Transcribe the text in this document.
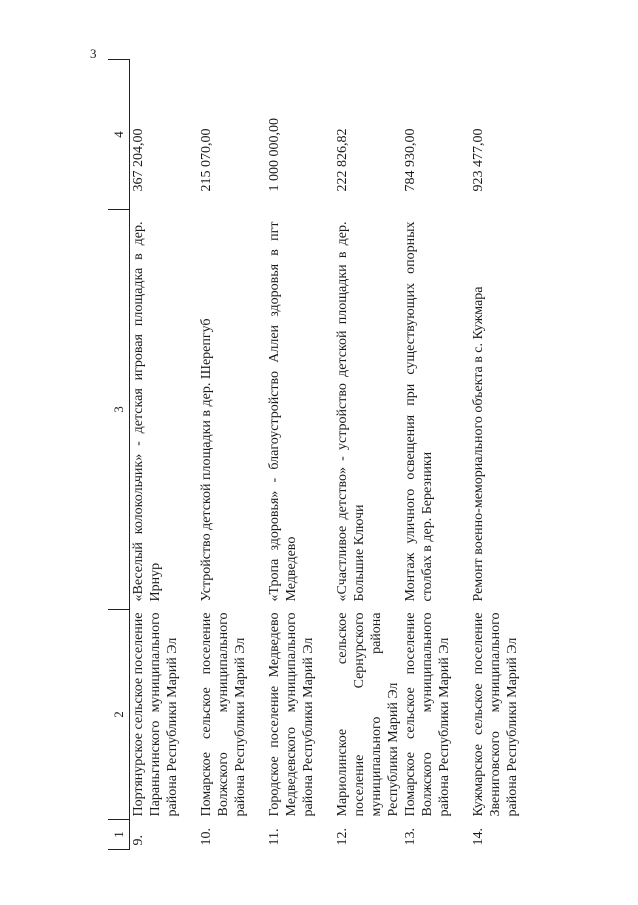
3
1	2	3	4
9.	Портянурское сельское поселение Параньгинского муниципального района Республики Марий Эл	«Веселый колокольчик» - детская игровая площадка в дер. Ирнур	367 204,00
10.	Помарское сельское поселение Волжского муниципального района Республики Марий Эл	Устройство детской площадки в дер. Шерепгуб	215 070,00
11.	Городское поселение Медведево Медведевского муниципального района Республики Марий Эл	«Тропа здоровья» - благоустройство Аллеи здоровья в пгт Медведево	1 000 000,00
12.	Мариолинское сельское поселение Сернурского муниципального района Республики Марий Эл	«Счастливое детство» - устройство детской площадки в дер. Большие Ключи	222 826,82
13.	Помарское сельское поселение Волжского муниципального района Республики Марий Эл	Монтаж уличного освещения при существующих опорных столбах в дер. Березники	784 930,00
14.	Кужмарское сельское поселение Звениговского муниципального района Республики Марий Эл	Ремонт военно-мемориального объекта в с. Кужмара	923 477,00
